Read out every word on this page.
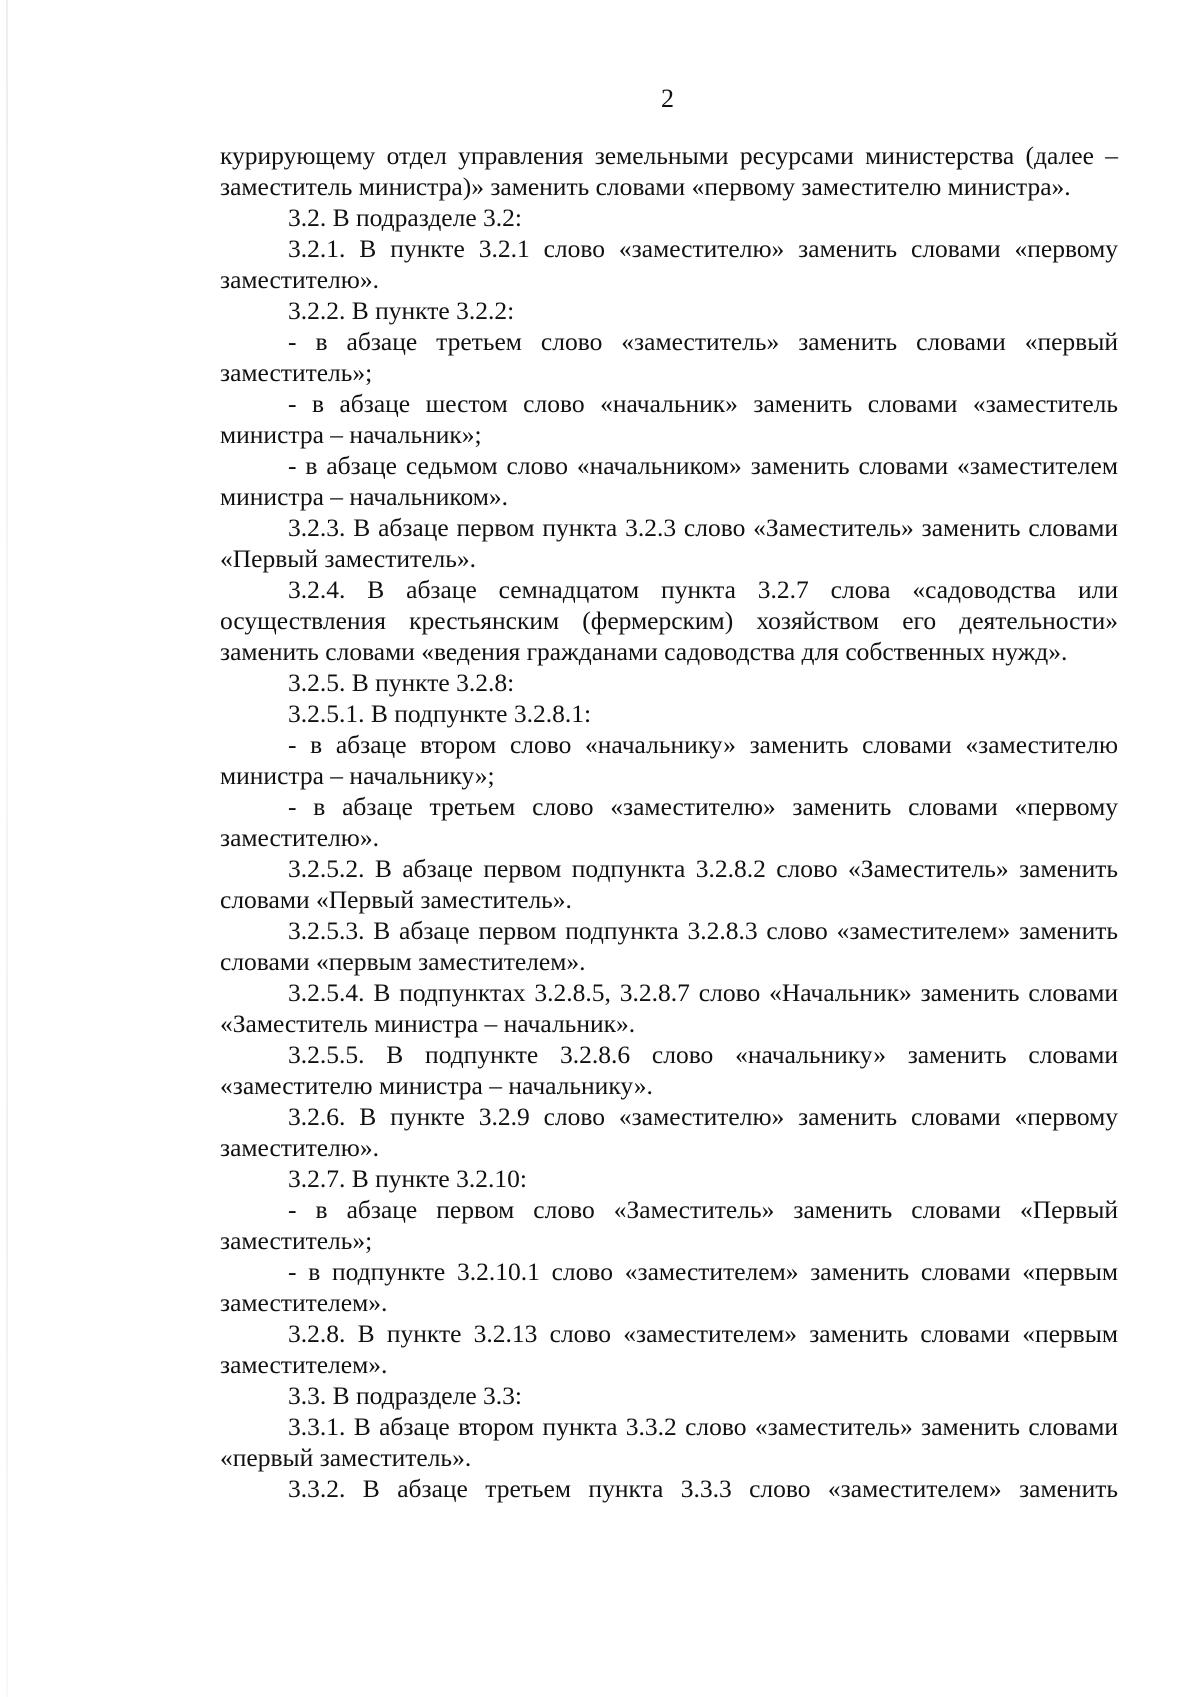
2

курирующему отдел управления земельными ресурсами министерства (далее – заместитель министра)» заменить словами «первому заместителю министра».

3.2. В подразделе 3.2:

3.2.1. В пункте 3.2.1 слово «заместителю» заменить словами «первому заместителю».

3.2.2. В пункте 3.2.2:

- в абзаце третьем слово «заместитель» заменить словами «первый заместитель»;

- в абзаце шестом слово «начальник» заменить словами «заместитель министра – начальник»;

- в абзаце седьмом слово «начальником» заменить словами «заместителем министра – начальником».

3.2.3. В абзаце первом пункта 3.2.3 слово «Заместитель» заменить словами «Первый заместитель».

3.2.4. В абзаце семнадцатом пункта 3.2.7 слова «садоводства или осуществления крестьянским (фермерским) хозяйством его деятельности» заменить словами «ведения гражданами садоводства для собственных нужд».

3.2.5. В пункте 3.2.8:

3.2.5.1. В подпункте 3.2.8.1:

- в абзаце втором слово «начальнику» заменить словами «заместителю министра – начальнику»;

- в абзаце третьем слово «заместителю» заменить словами «первому заместителю».

3.2.5.2. В абзаце первом подпункта 3.2.8.2 слово «Заместитель» заменить словами «Первый заместитель».

3.2.5.3. В абзаце первом подпункта 3.2.8.3 слово «заместителем» заменить словами «первым заместителем».

3.2.5.4. В подпунктах 3.2.8.5, 3.2.8.7 слово «Начальник» заменить словами «Заместитель министра – начальник».

3.2.5.5. В подпункте 3.2.8.6 слово «начальнику» заменить словами «заместителю министра – начальнику».

3.2.6. В пункте 3.2.9 слово «заместителю» заменить словами «первому заместителю».

3.2.7. В пункте 3.2.10:

- в абзаце первом слово «Заместитель» заменить словами «Первый заместитель»;

- в подпункте 3.2.10.1 слово «заместителем» заменить словами «первым заместителем».

3.2.8. В пункте 3.2.13 слово «заместителем» заменить словами «первым заместителем».

3.3. В подразделе 3.3:

3.3.1. В абзаце втором пункта 3.3.2 слово «заместитель» заменить словами «первый заместитель».

3.3.2. В абзаце третьем пункта 3.3.3 слово «заместителем» заменить
